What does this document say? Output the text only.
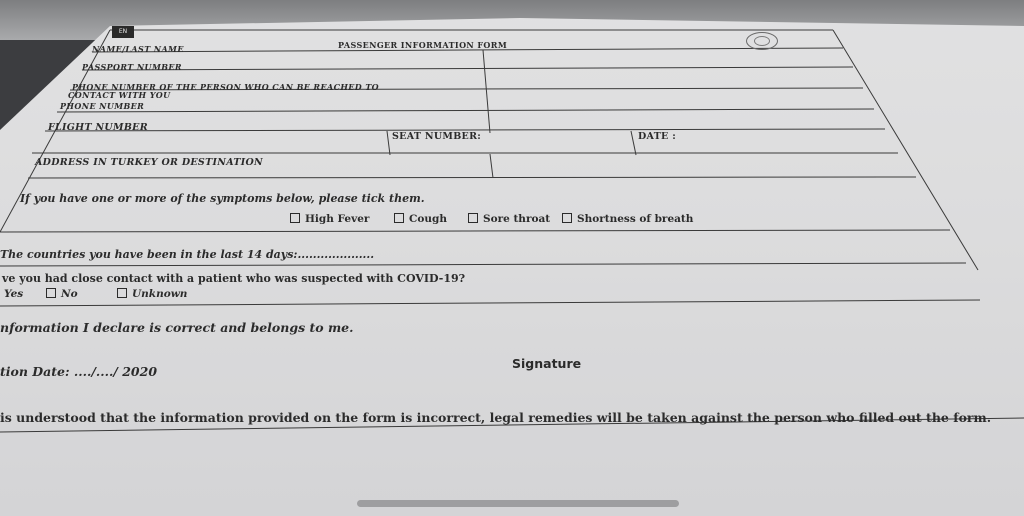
EN
PASSENGER INFORMATION FORM
NAME/LAST NAME
PASSPORT NUMBER
PHONE NUMBER OF THE PERSON WHO CAN BE REACHED TO
CONTACT WITH YOU
PHONE NUMBER
FLIGHT NUMBER
SEAT NUMBER:	DATE :
ADDRESS IN TURKEY OR DESTINATION
If you have one or more of the symptoms below, please tick them.
High Fever	Cough	Sore throat	Shortness of breath
The countries you have been in the last 14 days:....................
ve you had close contact with a patient who was suspected with COVID-19?
Yes	No	Unknown
nformation I declare is correct and belongs to me.
tion Date: ..../..../ 2020
Signature
is understood that the information provided on the form is incorrect, legal remedies will be taken against the person who filled out the form.
